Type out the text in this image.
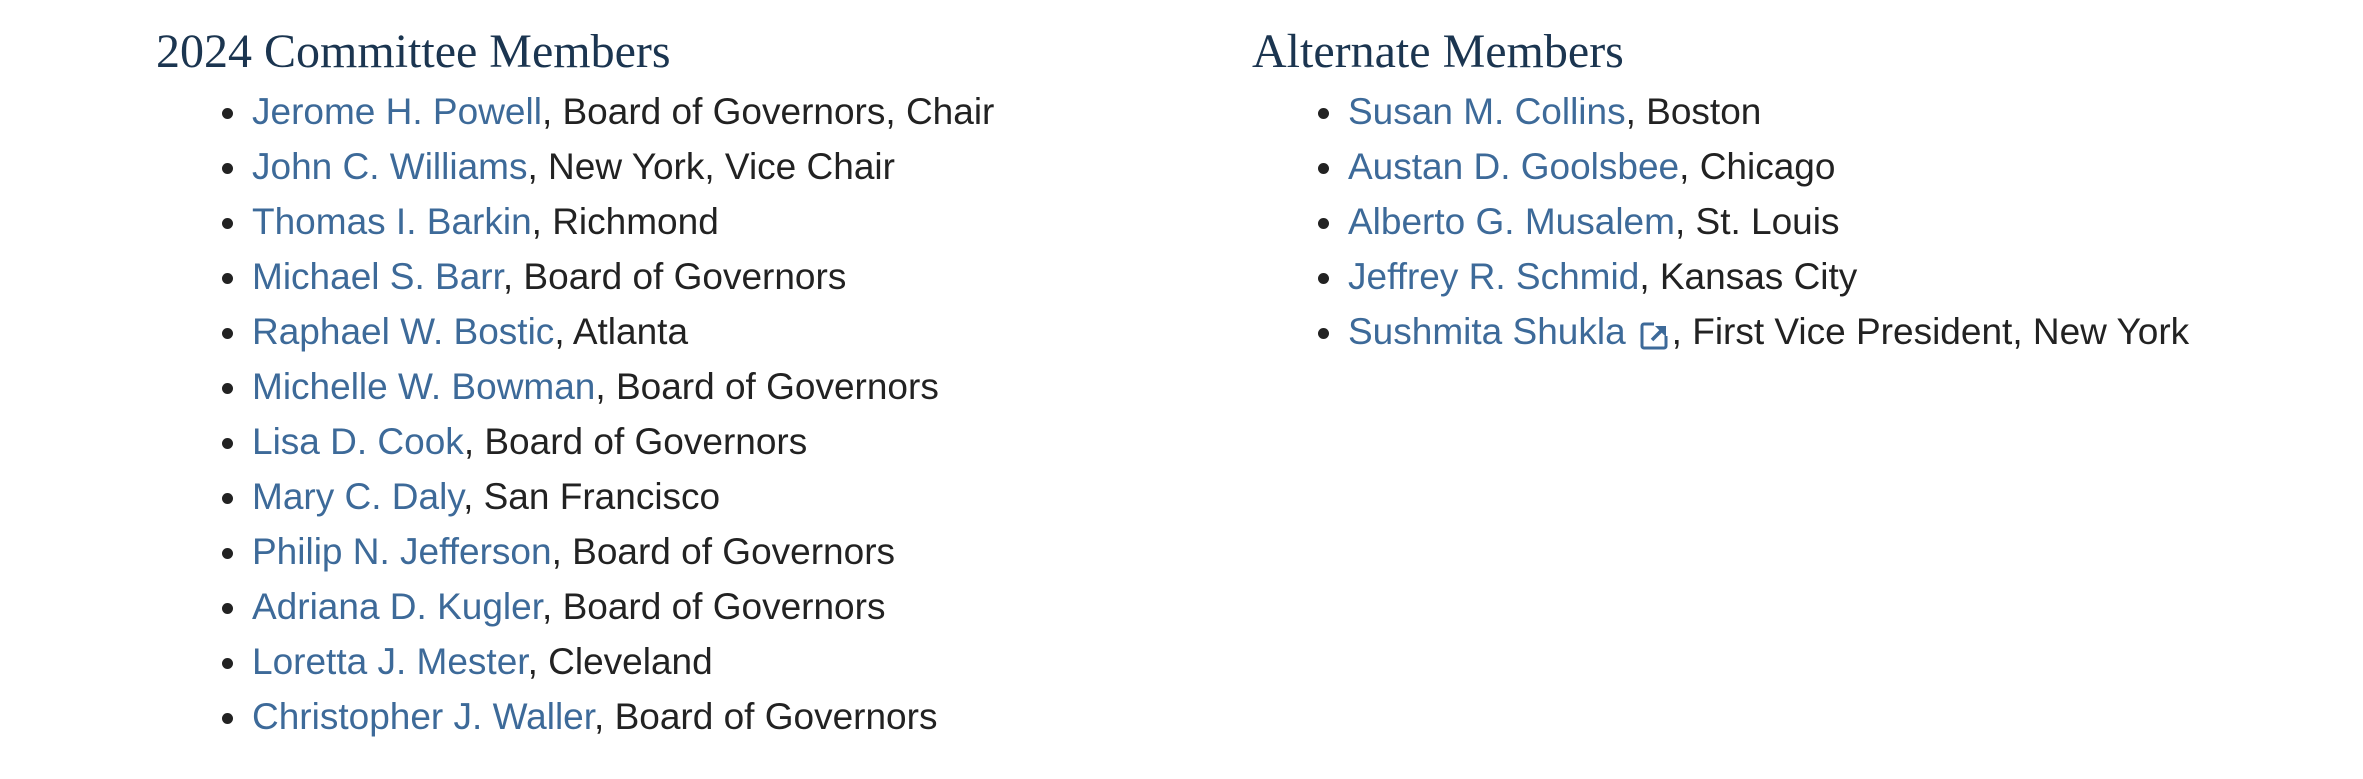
2024 Committee Members
Jerome H. Powell, Board of Governors, Chair
John C. Williams, New York, Vice Chair
Thomas I. Barkin, Richmond
Michael S. Barr, Board of Governors
Raphael W. Bostic, Atlanta
Michelle W. Bowman, Board of Governors
Lisa D. Cook, Board of Governors
Mary C. Daly, San Francisco
Philip N. Jefferson, Board of Governors
Adriana D. Kugler, Board of Governors
Loretta J. Mester, Cleveland
Christopher J. Waller, Board of Governors
Alternate Members
Susan M. Collins, Boston
Austan D. Goolsbee, Chicago
Alberto G. Musalem, St. Louis
Jeffrey R. Schmid, Kansas City
Sushmita Shukla , First Vice President, New York
